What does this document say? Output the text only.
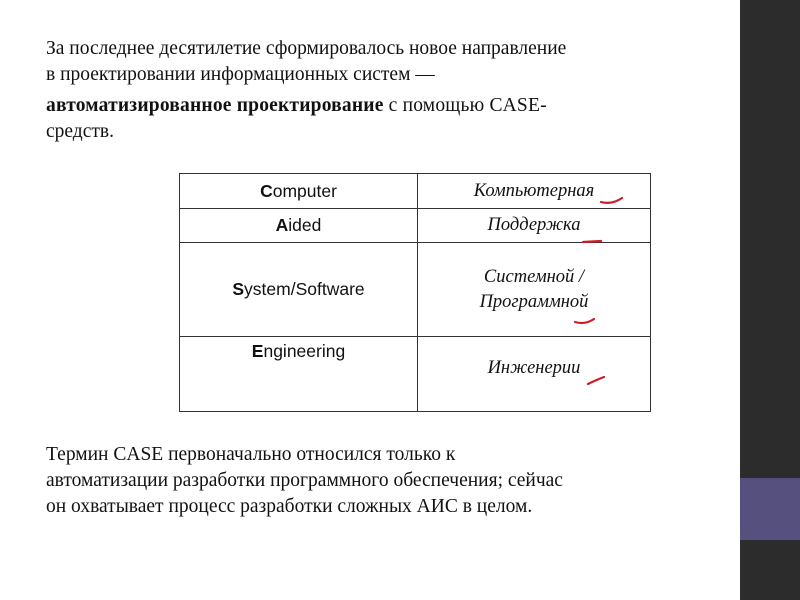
За последнее десятилетие сформировалось новое направление
в проектировании информационных систем —
автоматизированное проектирование с помощью CASE-
средств.

Computer	Компьютерная
Aided	Поддержка
System/Software	Системной /
Программной
Engineering	Инженерии

Термин CASE первоначально относился только к
автоматизации разработки программного обеспечения; сейчас
он охватывает процесс разработки сложных АИС в целом.
